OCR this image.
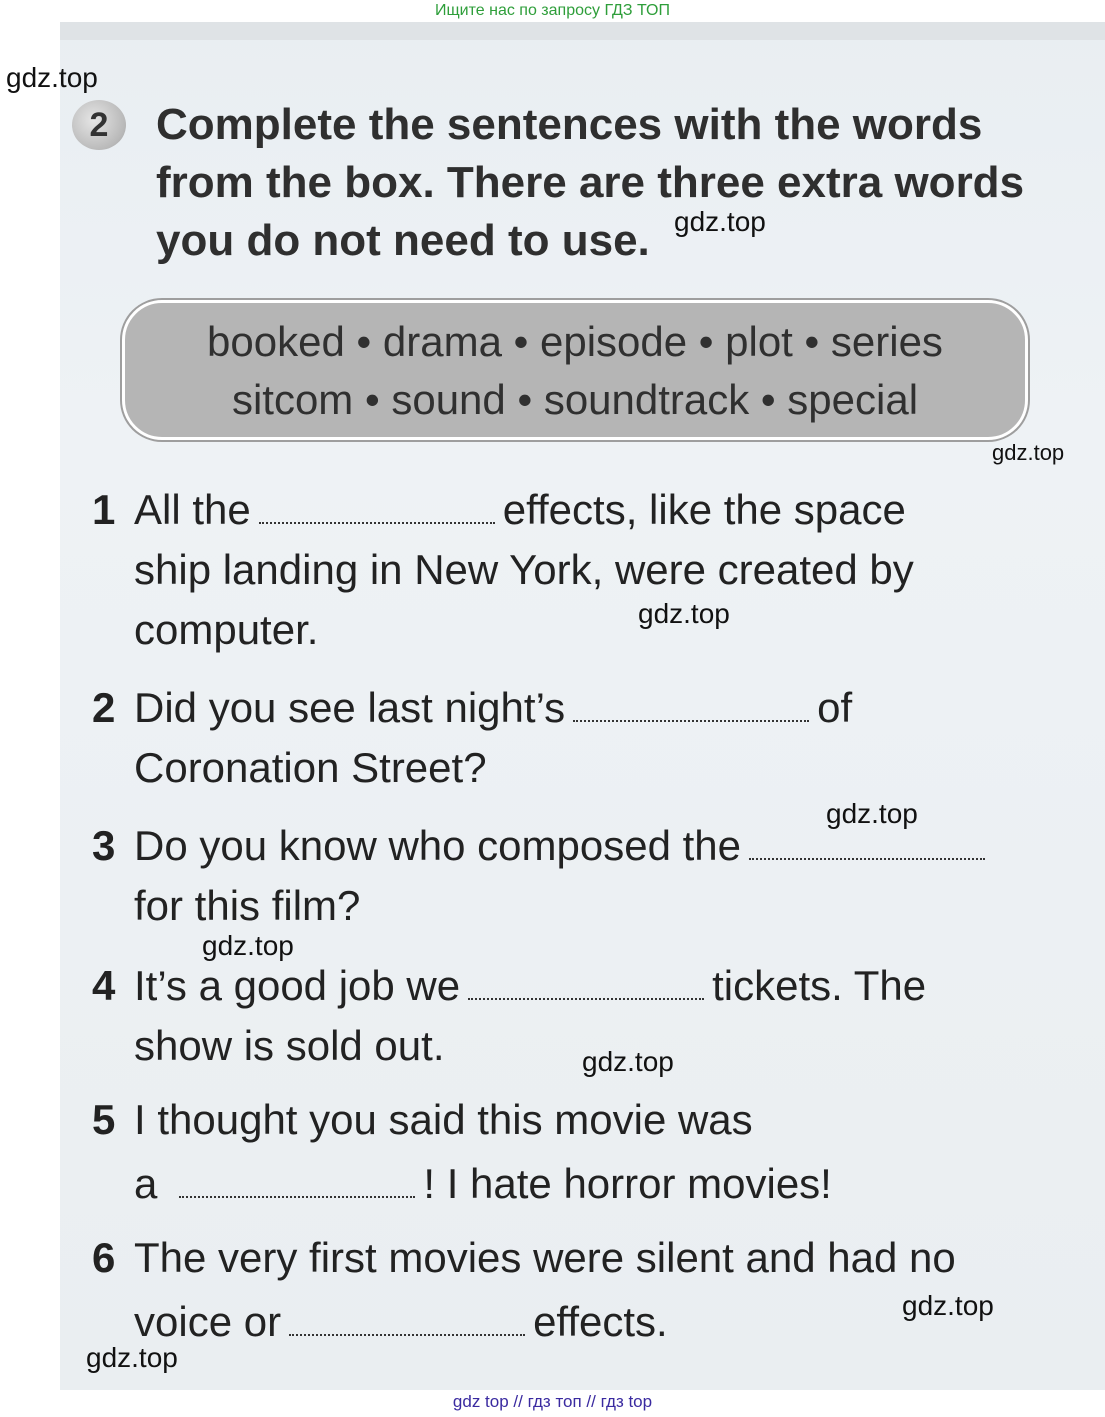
Ищите нас по запросу ГДЗ ТОП
gdz.top
gdz.top
gdz.top
gdz.top
gdz.top
gdz.top
gdz.top
gdz.top
gdz.top
2	Complete the sentences with the words
from the box. There are three extra words
you do not need to use.
booked • drama • episode • plot • series
sitcom • sound • soundtrack • special
1 All the	effects, like the space
ship landing in New York, were created by
computer.
2 Did you see last night’s	of
Coronation Street?
3 Do you know who composed the
for this film?
4 It’s a good job we	tickets. The
show is sold out.
5 I thought you said this movie was
a	! I hate horror movies!
6 The very first movies were silent and had no
voice or	effects.
gdz top // гдз топ // гдз top
